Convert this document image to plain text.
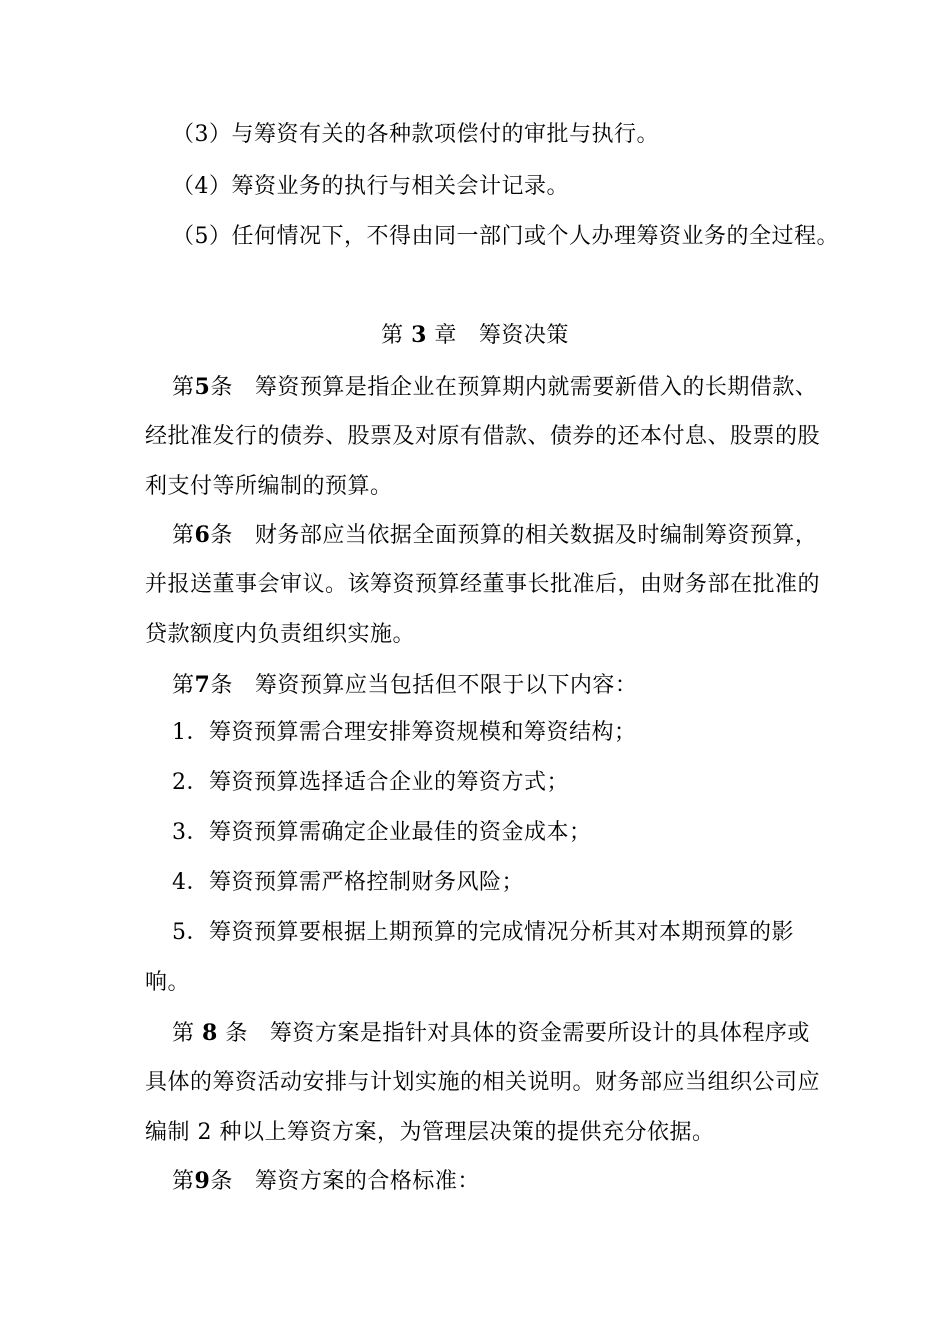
（3）与筹资有关的各种款项偿付的审批与执行。
（4）筹资业务的执行与相关会计记录。
（5）任何情况下，不得由同一部门或个人办理筹资业务的全过程。
第 3 章 筹资决策
第5条 筹资预算是指企业在预算期内就需要新借入的长期借款、
经批准发行的债券、股票及对原有借款、债券的还本付息、股票的股
利支付等所编制的预算。
第6条 财务部应当依据全面预算的相关数据及时编制筹资预算，
并报送董事会审议。该筹资预算经董事长批准后，由财务部在批准的
贷款额度内负责组织实施。
第7条 筹资预算应当包括但不限于以下内容：
1．筹资预算需合理安排筹资规模和筹资结构；
2．筹资预算选择适合企业的筹资方式；
3．筹资预算需确定企业最佳的资金成本；
4．筹资预算需严格控制财务风险；
5．筹资预算要根据上期预算的完成情况分析其对本期预算的影
响。
第 8 条 筹资方案是指针对具体的资金需要所设计的具体程序或
具体的筹资活动安排与计划实施的相关说明。财务部应当组织公司应
编制 2 种以上筹资方案，为管理层决策的提供充分依据。
第9条 筹资方案的合格标准：
